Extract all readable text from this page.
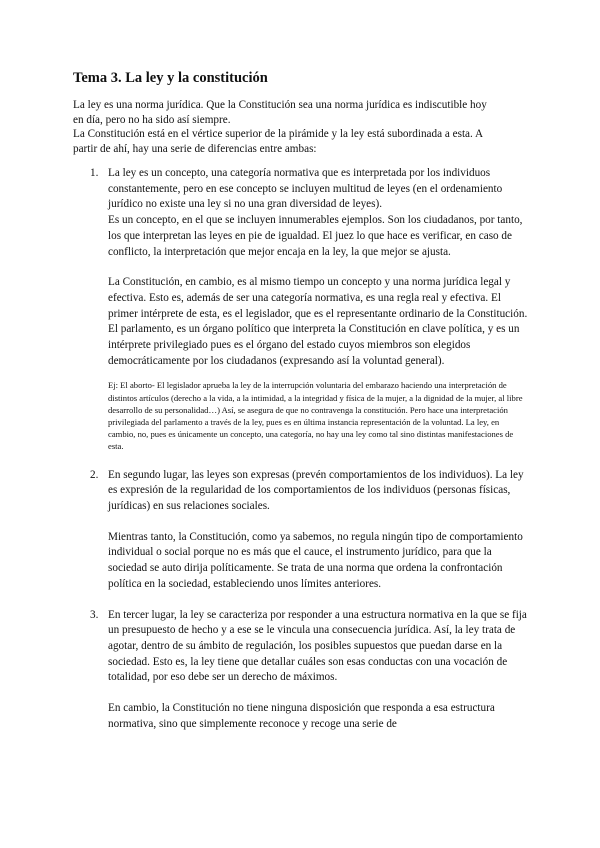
Tema 3. La ley y la constitución

La ley es una norma jurídica. Que la Constitución sea una norma jurídica es indiscutible hoy en día, pero no ha sido así siempre.

La Constitución está en el vértice superior de la pirámide y la ley está subordinada a esta. A partir de ahí, hay una serie de diferencias entre ambas:

1. La ley es un concepto, una categoría normativa que es interpretada por los individuos constantemente, pero en ese concepto se incluyen multitud de leyes (en el ordenamiento jurídico no existe una ley si no una gran diversidad de leyes).

Es un concepto, en el que se incluyen innumerables ejemplos. Son los ciudadanos, por tanto, los que interpretan las leyes en pie de igualdad. El juez lo que hace es verificar, en caso de conflicto, la interpretación que mejor encaja en la ley, la que mejor se ajusta.

La Constitución, en cambio, es al mismo tiempo un concepto y una norma jurídica legal y efectiva. Esto es, además de ser una categoría normativa, es una regla real y efectiva. El primer intérprete de esta, es el legislador, que es el representante ordinario de la Constitución. El parlamento, es un órgano político que interpreta la Constitución en clave política, y es un intérprete privilegiado pues es el órgano del estado cuyos miembros son elegidos democráticamente por los ciudadanos (expresando así la voluntad general).

Ej: El aborto- El legislador aprueba la ley de la interrupción voluntaria del embarazo haciendo una interpretación de distintos artículos (derecho a la vida, a la intimidad, a la integridad y física de la mujer, a la dignidad de la mujer, al libre desarrollo de su personalidad…) Así, se asegura de que no contravenga la constitución. Pero hace una interpretación privilegiada del parlamento a través de la ley, pues es en última instancia representación de la voluntad. La ley, en cambio, no, pues es únicamente un concepto, una categoría, no hay una ley como tal sino distintas manifestaciones de esta.

2. En segundo lugar, las leyes son expresas (prevén comportamientos de los individuos). La ley es expresión de la regularidad de los comportamientos de los individuos (personas físicas, jurídicas) en sus relaciones sociales.

Mientras tanto, la Constitución, como ya sabemos, no regula ningún tipo de comportamiento individual o social porque no es más que el cauce, el instrumento jurídico, para que la sociedad se auto dirija políticamente. Se trata de una norma que ordena la confrontación política en la sociedad, estableciendo unos límites anteriores.

3. En tercer lugar, la ley se caracteriza por responder a una estructura normativa en la que se fija un presupuesto de hecho y a ese se le vincula una consecuencia jurídica. Así, la ley trata de agotar, dentro de su ámbito de regulación, los posibles supuestos que puedan darse en la sociedad. Esto es, la ley tiene que detallar cuáles son esas conductas con una vocación de totalidad, por eso debe ser un derecho de máximos.

En cambio, la Constitución no tiene ninguna disposición que responda a esa estructura normativa, sino que simplemente reconoce y recoge una serie de
